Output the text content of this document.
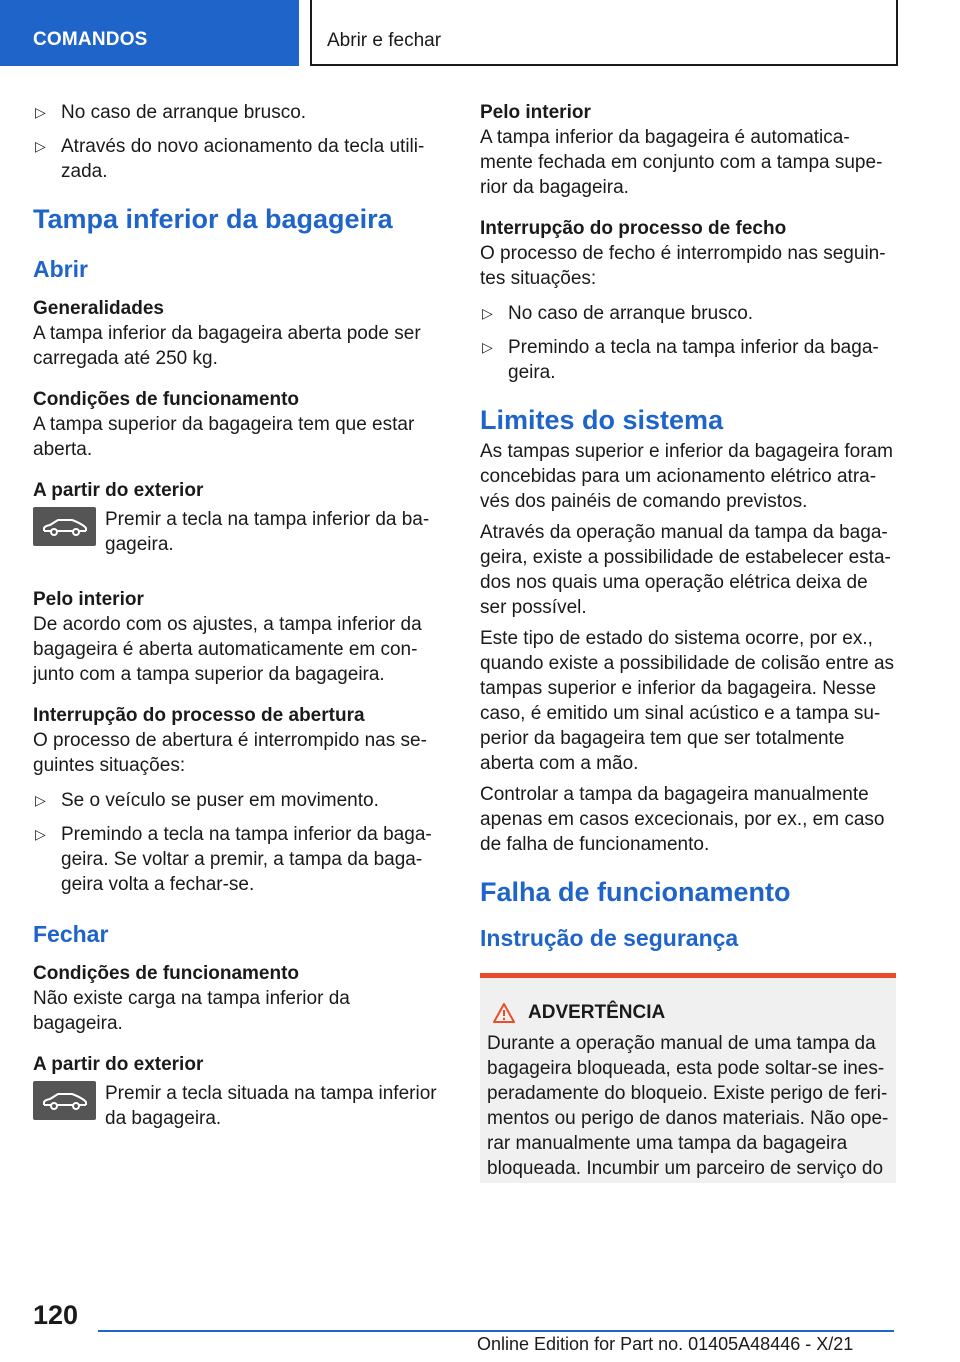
COMANDOS	Abrir e fechar
▷ No caso de arranque brusco.
▷ Através do novo acionamento da tecla utili-zada.
Tampa inferior da bagageira
Abrir

Generalidades

A tampa inferior da bagageira aberta pode ser carregada até 250 kg.

Condições de funcionamento

A tampa superior da bagageira tem que estar aberta.

A partir do exterior

Premir a tecla na tampa inferior da ba-gageira.

Pelo interior

De acordo com os ajustes, a tampa inferior da bagageira é aberta automaticamente em con-junto com a tampa superior da bagageira.

Interrupção do processo de abertura

O processo de abertura é interrompido nas se-guintes situações:

▷ Se o veículo se puser em movimento.
▷ Premindo a tecla na tampa inferior da baga-geira. Se voltar a premir, a tampa da baga-geira volta a fechar-se.
Fechar

Condições de funcionamento

Não existe carga na tampa inferior da bagageira.

A partir do exterior

Premir a tecla situada na tampa inferior da bagageira.

Pelo interior

A tampa inferior da bagageira é automatica-mente fechada em conjunto com a tampa supe-rior da bagageira.

Interrupção do processo de fecho

O processo de fecho é interrompido nas seguin-tes situações:

▷ No caso de arranque brusco.
▷ Premindo a tecla na tampa inferior da baga-geira.
Limites do sistema

As tampas superior e inferior da bagageira foram concebidas para um acionamento elétrico atra-vés dos painéis de comando previstos.

Através da operação manual da tampa da baga-geira, existe a possibilidade de estabelecer esta-dos nos quais uma operação elétrica deixa de ser possível.

Este tipo de estado do sistema ocorre, por ex., quando existe a possibilidade de colisão entre as tampas superior e inferior da bagageira. Nesse caso, é emitido um sinal acústico e a tampa su-perior da bagageira tem que ser totalmente aberta com a mão.

Controlar a tampa da bagageira manualmente apenas em casos excecionais, por ex., em caso de falha de funcionamento.

Falha de funcionamento
Instrução de segurança
ADVERTÊNCIA

Durante a operação manual de uma tampa da bagageira bloqueada, esta pode soltar-se ines-peradamente do bloqueio. Existe perigo de feri-mentos ou perigo de danos materiais. Não ope-rar manualmente uma tampa da bagageira bloqueada. Incumbir um parceiro de serviço do

120
Online Edition for Part no. 01405A48446 - X/21
